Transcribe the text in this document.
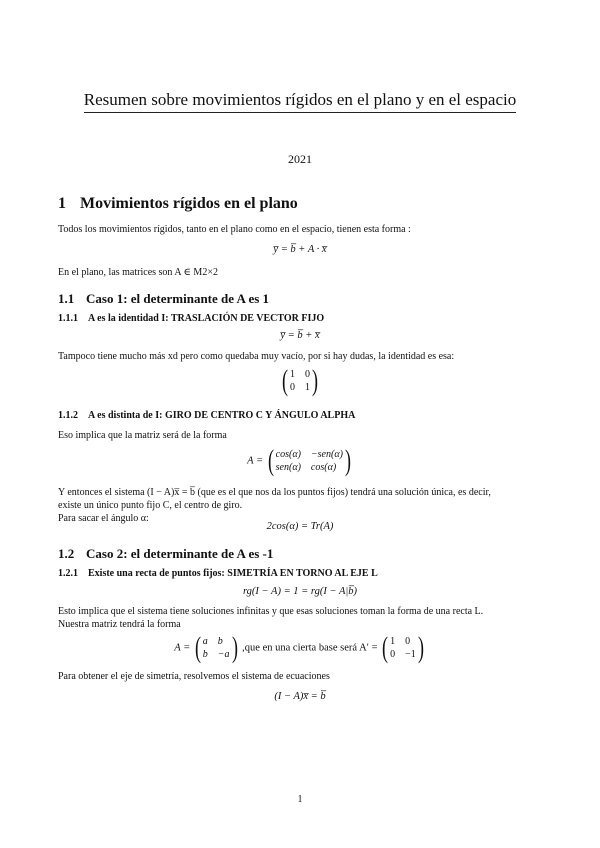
Resumen sobre movimientos rígidos en el plano y en el espacio
2021
1 Movimientos rígidos en el plano
Todos los movimientos rígidos, tanto en el plano como en el espacio, tienen esta forma :
y̅ = b̅ + A · x̅
En el plano, las matrices son A ∈ M2×2
1.1 Caso 1: el determinante de A es 1
1.1.1 A es la identidad I: TRASLACIÓN DE VECTOR FIJO
y̅ = b̅ + x̅
Tampoco tiene mucho más xd pero como quedaba muy vacío, por si hay dudas, la identidad es esa:
( 1 0
0 1 )
1.1.2 A es distinta de I: GIRO DE CENTRO C Y ÁNGULO ALPHA
Eso implica que la matriz será de la forma
A = ( cos(α) −sen(α)
sen(α) cos(α) )
Y entonces el sistema (I − A)x̅ = b̅ (que es el que nos da los puntos fijos) tendrá una solución única, es decir,
existe un único punto fijo C, el centro de giro.
Para sacar el ángulo α:
2cos(α) = Tr(A)
1.2 Caso 2: el determinante de A es -1
1.2.1 Existe una recta de puntos fijos: SIMETRÍA EN TORNO AL EJE L
rg(I − A) = 1 = rg(I − A|b̅)
Esto implica que el sistema tiene soluciones infinitas y que esas soluciones toman la forma de una recta L.
Nuestra matriz tendrá la forma
A = ( a b
b −a ) ,que en una cierta base será A′ = ( 1 0
0 −1 )
Para obtener el eje de simetría, resolvemos el sistema de ecuaciones
(I − A)x̅ = b̅
1
